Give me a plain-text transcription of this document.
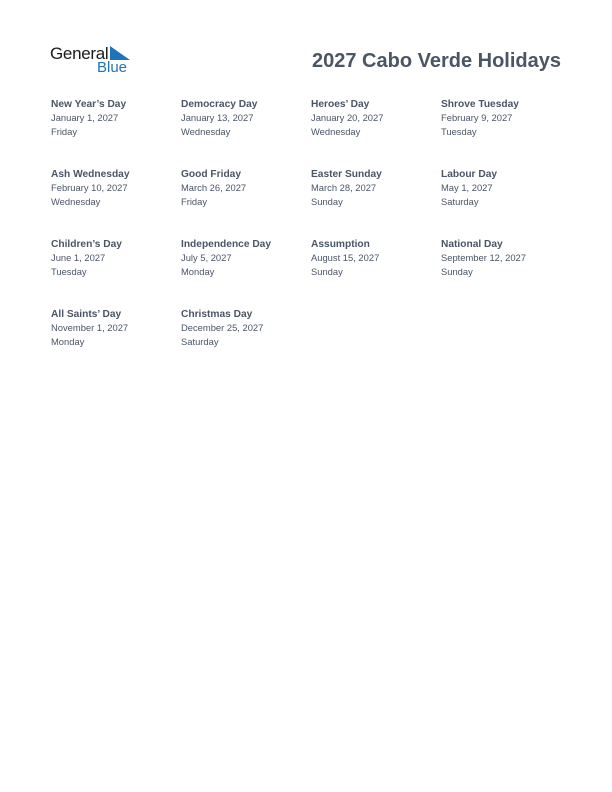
General
Blue	2027 Cabo Verde Holidays
New Year’s Day
January 1, 2027
Friday
Democracy Day
January 13, 2027
Wednesday
Heroes’ Day
January 20, 2027
Wednesday
Shrove Tuesday
February 9, 2027
Tuesday
Ash Wednesday
February 10, 2027
Wednesday
Good Friday
March 26, 2027
Friday
Easter Sunday
March 28, 2027
Sunday
Labour Day
May 1, 2027
Saturday
Children’s Day
June 1, 2027
Tuesday
Independence Day
July 5, 2027
Monday
Assumption
August 15, 2027
Sunday
National Day
September 12, 2027
Sunday
All Saints’ Day
November 1, 2027
Monday
Christmas Day
December 25, 2027
Saturday
